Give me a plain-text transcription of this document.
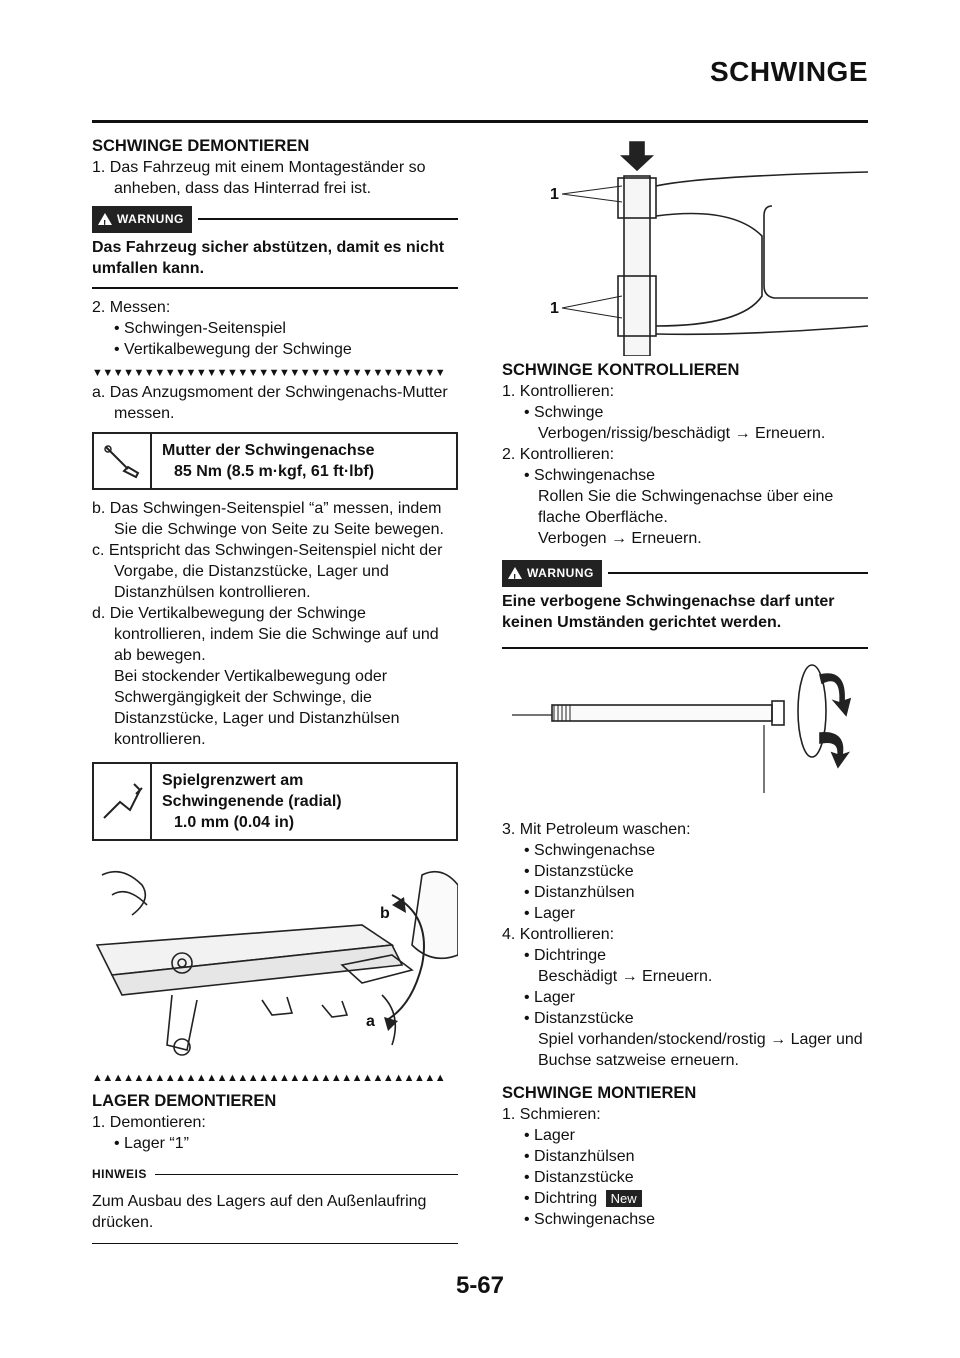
SCHWINGE

SCHWINGE DEMONTIEREN

1. Das Fahrzeug mit einem Montageständer so anheben, dass das Hinterrad frei ist.

!
WARNUNG

Das Fahrzeug sicher abstützen, damit es nicht umfallen kann.

2. Messen:

• Schwingen-Seitenspiel

• Vertikalbewegung der Schwinge

▼▼▼▼▼▼▼▼▼▼▼▼▼▼▼▼▼▼▼▼▼▼▼▼▼▼▼▼▼▼▼▼▼▼

a. Das Anzugsmoment der Schwingenachs-Mutter messen.

Mutter der Schwingenachse
85 Nm (8.5 m·kgf, 61 ft·lbf)

b. Das Schwingen-Seitenspiel “a” messen, indem Sie die Schwinge von Seite zu Seite bewegen.

c. Entspricht das Schwingen-Seitenspiel nicht der Vorgabe, die Distanzstücke, Lager und Distanzhülsen kontrollieren.

d. Die Vertikalbewegung der Schwinge kontrollieren, indem Sie die Schwinge auf und ab bewegen.

Bei stockender Vertikalbewegung oder Schwergängigkeit der Schwinge, die Distanzstücke, Lager und Distanzhülsen kontrollieren.

Spielgrenzwert am
Schwingenende (radial)
1.0 mm (0.04 in)
b
a
▲▲▲▲▲▲▲▲▲▲▲▲▲▲▲▲▲▲▲▲▲▲▲▲▲▲▲▲▲▲▲▲▲▲

LAGER DEMONTIEREN

1. Demontieren:

• Lager “1”

HINWEIS

Zum Ausbau des Lagers auf den Außenlaufring drücken.

1
1

SCHWINGE KONTROLLIEREN

1. Kontrollieren:

• Schwinge

Verbogen/rissig/beschädigt → Erneuern.

2. Kontrollieren:

• Schwingenachse

Rollen Sie die Schwingenachse über eine flache Oberfläche.

Verbogen → Erneuern.

!
WARNUNG

Eine verbogene Schwingenachse darf unter keinen Umständen gerichtet werden.

3. Mit Petroleum waschen:

• Schwingenachse

• Distanzstücke

• Distanzhülsen

• Lager

4. Kontrollieren:

• Dichtringe

Beschädigt → Erneuern.

• Lager

• Distanzstücke

Spiel vorhanden/stockend/rostig → Lager und Buchse satzweise erneuern.

SCHWINGE MONTIEREN

1. Schmieren:

• Lager

• Distanzhülsen

• Distanzstücke

• Dichtring New

• Schwingenachse

5-67
